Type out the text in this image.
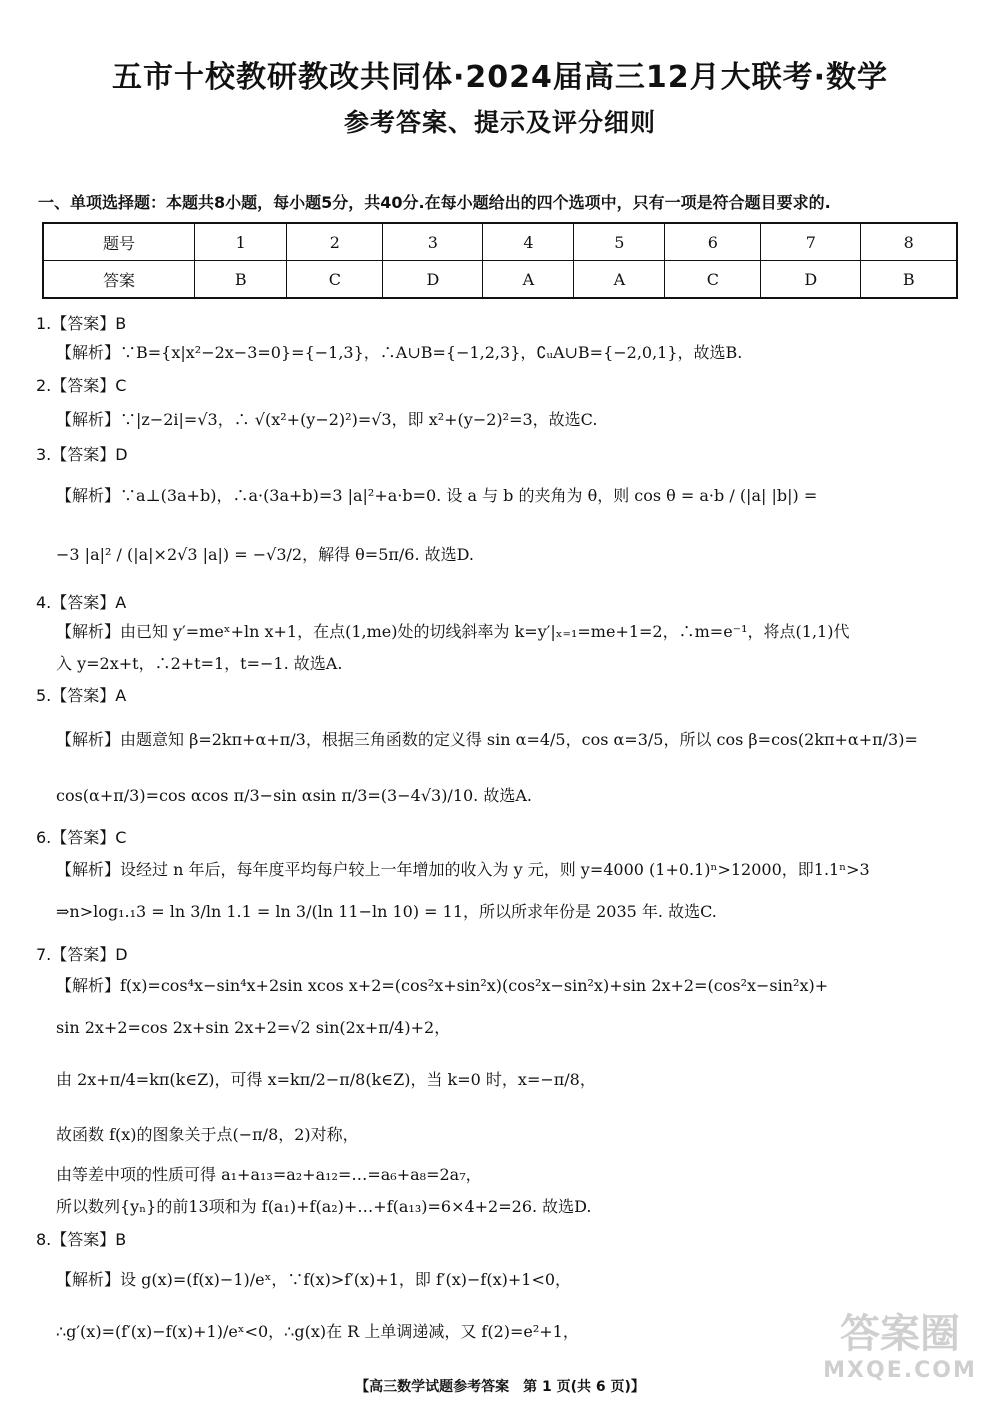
五市十校教研教改共同体·2024届高三12月大联考·数学
参考答案、提示及评分细则
一、单项选择题：本题共8小题，每小题5分，共40分.在每小题给出的四个选项中，只有一项是符合题目要求的.
题号	1	2	3	4	5	6	7	8
答案	B	C	D	A	A	C	D	B
1.【答案】B
【解析】∵B={x|x²−2x−3=0}={−1,3}，∴A∪B={−1,2,3}，∁ᵤA∪B={−2,0,1}，故选B.
2.【答案】C
【解析】∵|z−2i|=√3，∴ √(x²+(y−2)²)=√3，即 x²+(y−2)²=3，故选C.
3.【答案】D
【解析】∵a⊥(3a+b)，∴a·(3a+b)=3 |a|²+a·b=0. 设 a 与 b 的夹角为 θ，则 cos θ = a·b / (|a| |b|) =
−3 |a|² / (|a|×2√3 |a|) = −√3/2，解得 θ=5π/6. 故选D.
4.【答案】A
【解析】由已知 y′=meˣ+ln x+1，在点(1,me)处的切线斜率为 k=y′|ₓ₌₁=me+1=2，∴m=e⁻¹，将点(1,1)代
入 y=2x+t，∴2+t=1，t=−1. 故选A.
5.【答案】A
【解析】由题意知 β=2kπ+α+π/3，根据三角函数的定义得 sin α=4/5，cos α=3/5，所以 cos β=cos(2kπ+α+π/3)=
cos(α+π/3)=cos αcos π/3−sin αsin π/3=(3−4√3)/10. 故选A.
6.【答案】C
【解析】设经过 n 年后，每年度平均每户较上一年增加的收入为 y 元，则 y=4000 (1+0.1)ⁿ>12000，即1.1ⁿ>3
⇒n>log₁.₁3 = ln 3/ln 1.1 = ln 3/(ln 11−ln 10) = 11，所以所求年份是 2035 年. 故选C.
7.【答案】D
【解析】f(x)=cos⁴x−sin⁴x+2sin xcos x+2=(cos²x+sin²x)(cos²x−sin²x)+sin 2x+2=(cos²x−sin²x)+
sin 2x+2=cos 2x+sin 2x+2=√2 sin(2x+π/4)+2，
由 2x+π/4=kπ(k∈Z)，可得 x=kπ/2−π/8(k∈Z)，当 k=0 时，x=−π/8，
故函数 f(x)的图象关于点(−π/8，2)对称，
由等差中项的性质可得 a₁+a₁₃=a₂+a₁₂=…=a₆+a₈=2a₇，
所以数列{yₙ}的前13项和为 f(a₁)+f(a₂)+…+f(a₁₃)=6×4+2=26. 故选D.
8.【答案】B
【解析】设 g(x)=(f(x)−1)/eˣ，∵f(x)>f′(x)+1，即 f′(x)−f(x)+1<0，
∴g′(x)=(f′(x)−f(x)+1)/eˣ<0，∴g(x)在 R 上单调递减，又 f(2)=e²+1，
【高三数学试题参考答案　第 1 页(共 6 页)】
答案圈
MXQE.COM
